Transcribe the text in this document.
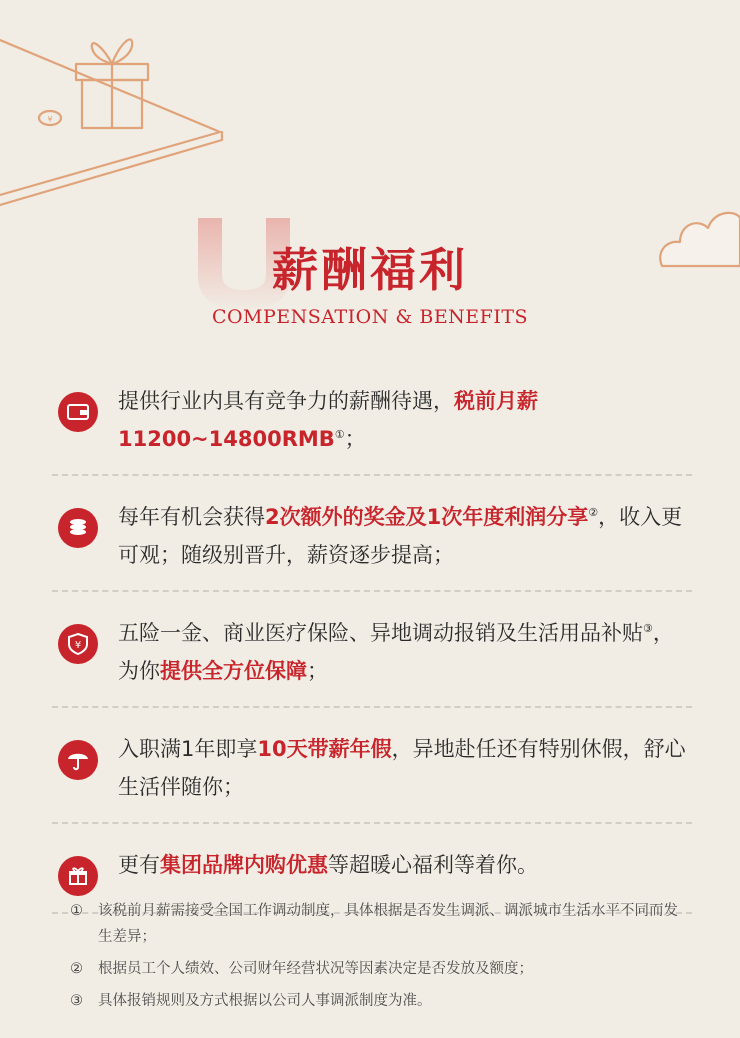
¥
薪酬福利
COMPENSATION & BENEFITS
提供行业内具有竞争力的薪酬待遇，税前月薪11200~14800RMB①；
每年有机会获得2次额外的奖金及1次年度利润分享②，收入更可观；随级别晋升，薪资逐步提高；
¥
五险一金、商业医疗保险、异地调动报销及生活用品补贴③，为你提供全方位保障；
入职满1年即享10天带薪年假，异地赴任还有特别休假，舒心生活伴随你；
更有集团品牌内购优惠等超暖心福利等着你。
①	该税前月薪需接受全国工作调动制度，具体根据是否发生调派、调派城市生活水平不同而发生差异；
②	根据员工个人绩效、公司财年经营状况等因素决定是否发放及额度；
③	具体报销规则及方式根据以公司人事调派制度为准。
